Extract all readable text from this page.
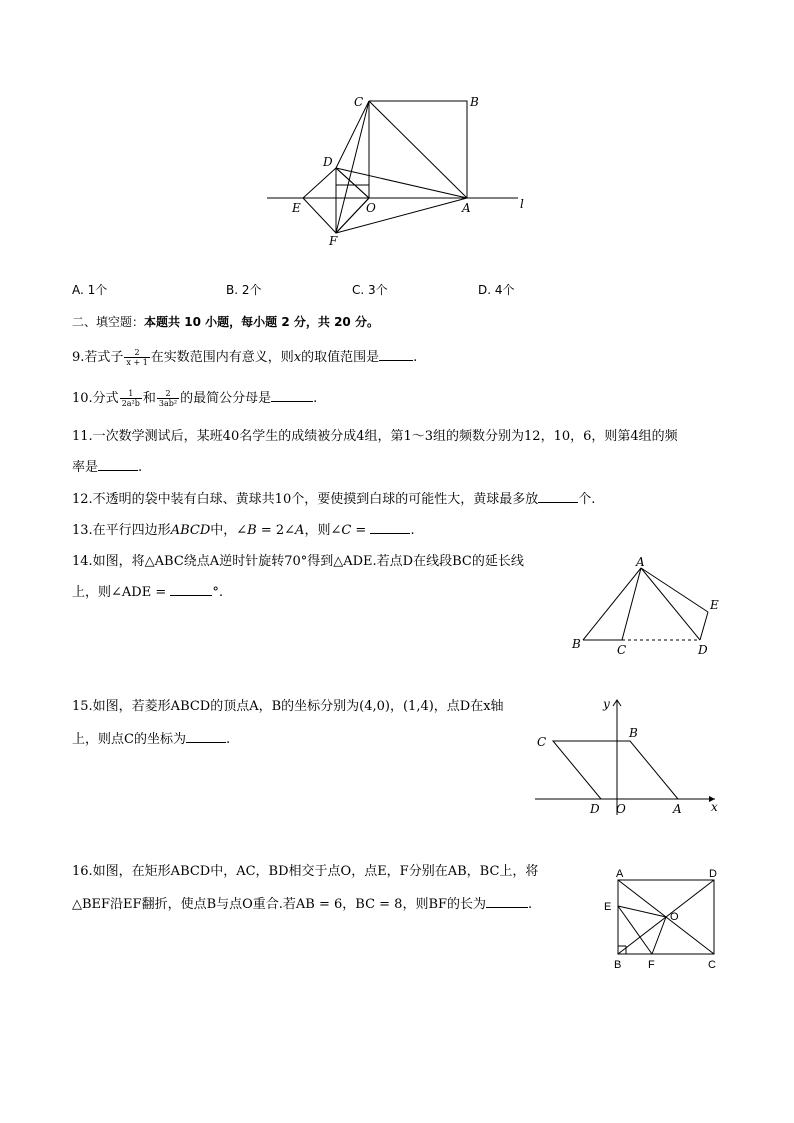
C	B
D
E	O	A
F
l
A. 1个	B. 2个	C. 3个	D. 4个
二、填空题：本题共 10 小题，每小题 2 分，共 20 分。
9.若式子 $\frac{2}{x + 1}$ 在实数范围内有意义，则x的取值范围是	.
10.分式 $\frac{1}{\text{2a²b}}$ 和 $\frac{2}{\text{3ab²}}$ 的最简公分母是	.
11.一次数学测试后，某班40名学生的成绩被分成4组，第1～3组的频数分别为12，10，6，则第4组的频
率是	.
12.不透明的袋中装有白球、黄球共10个，要使摸到白球的可能性大，黄球最多放	个.
13.在平行四边形ABCD中，∠B = 2∠A，则∠C =	.
14.如图，将△ABC绕点A逆时针旋转70°得到△ADE.若点D在线段BC的延长线
上，则∠ADE =	°.
A
B	C	D
E
15.如图，若菱形ABCD的顶点A，B的坐标分别为(4,0)，(1,4)，点D在x轴
上，则点C的坐标为	.
y
x
B
C
D O	A
16.如图，在矩形ABCD中，AC，BD相交于点O，点E，F分别在AB，BC上，将
△BEF沿EF翻折，使点B与点O重合.若AB = 6，BC = 8，则BF的长为	.
A	D
E
O
B F	C
